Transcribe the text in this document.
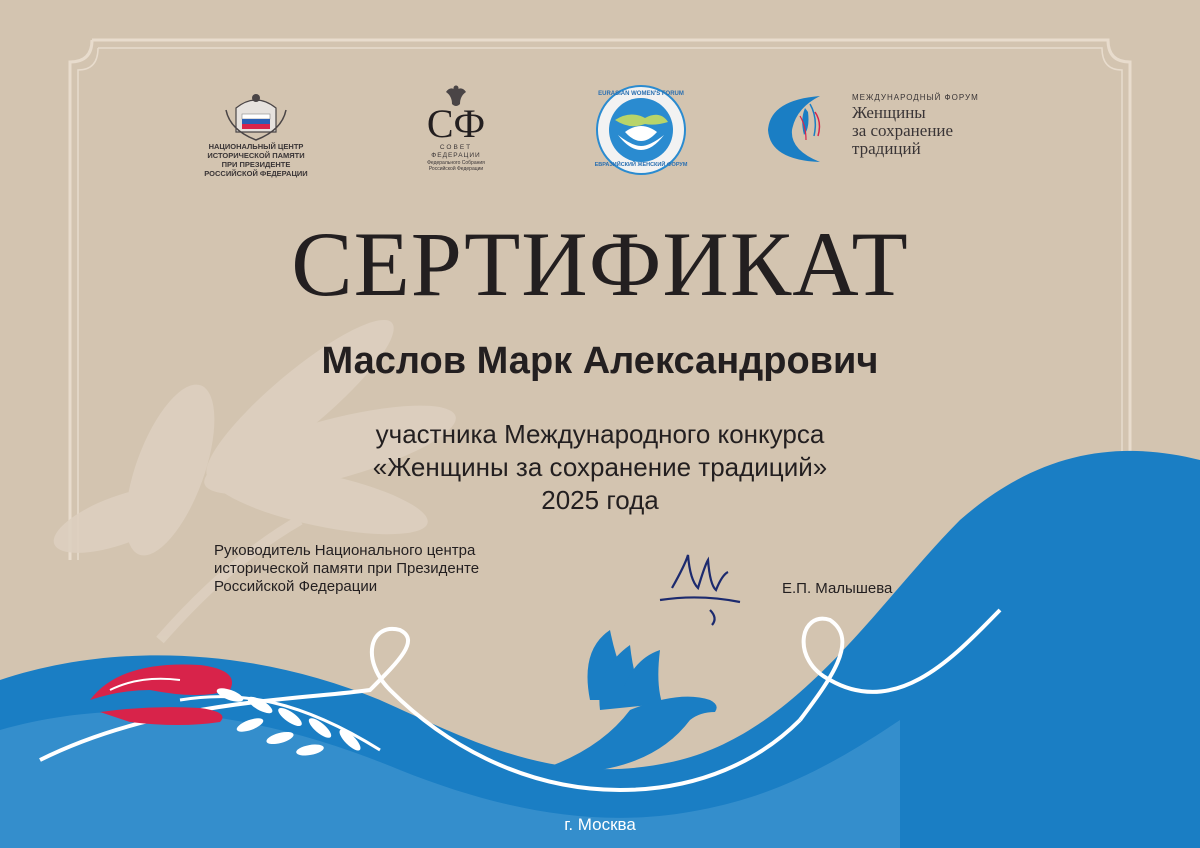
НАЦИОНАЛЬНЫЙ ЦЕНТР
ИСТОРИЧЕСКОЙ ПАМЯТИ
ПРИ ПРЕЗИДЕНТЕ
РОССИЙСКОЙ ФЕДЕРАЦИИ
СФ
СОВЕТ
ФЕДЕРАЦИИ
Федерального Собрания
Российской Федерации
EURASIAN WOMEN'S FORUM
ЕВРАЗИЙСКИЙ ЖЕНСКИЙ ФОРУМ
МЕЖДУНАРОДНЫЙ ФОРУМ
Женщины
за сохранение
традиций
СЕРТИФИКАТ
Маслов Марк Александрович
участника Международного конкурса
«Женщины за сохранение традиций»
2025 года
Руководитель Национального центра
исторической памяти при Президенте
Российской Федерации	Е.П. Малышева
г. Москва
